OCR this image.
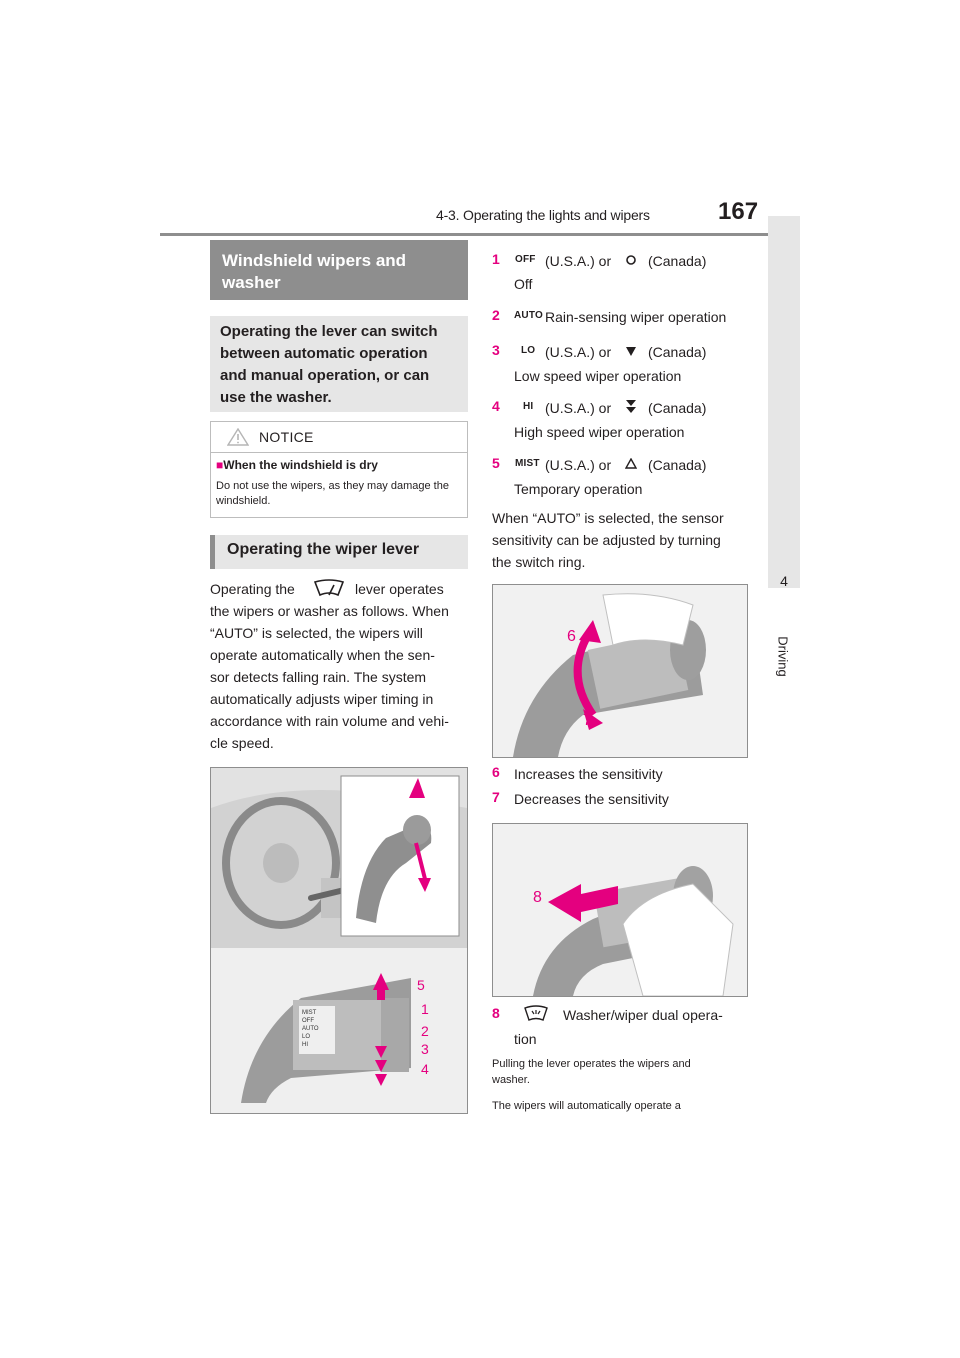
4-3. Operating the lights and wipers	167
4
Driving
Windshield wipers and washer
Operating the lever can switch between automatic operation and manual operation, or can use the washer.
NOTICE
■When the windshield is dry
Do not use the wipers, as they may damage the windshield.
Operating the wiper lever
Operating the	lever operates
the wipers or washer as follows. When
“AUTO” is selected, the wipers will
operate automatically when the sen-
sor detects falling rain. The system
automatically adjusts wiper timing in
accordance with rain volume and vehi-
cle speed.
MIST
OFF
AUTO
LO
HI
5
1
2
3
4
1 OFF (U.S.A.) or	(Canada)
Off
2 AUTO Rain-sensing wiper operation
3 LO (U.S.A.) or	(Canada)
Low speed wiper operation
4 HI (U.S.A.) or	(Canada)
High speed wiper operation
5 MIST (U.S.A.) or	(Canada)
Temporary operation
When “AUTO” is selected, the sensor
sensitivity can be adjusted by turning
the switch ring.
6
7
6 Increases the sensitivity
7 Decreases the sensitivity
8
8	Washer/wiper dual opera-
tion
Pulling the lever operates the wipers and
washer.
The wipers will automatically operate a
